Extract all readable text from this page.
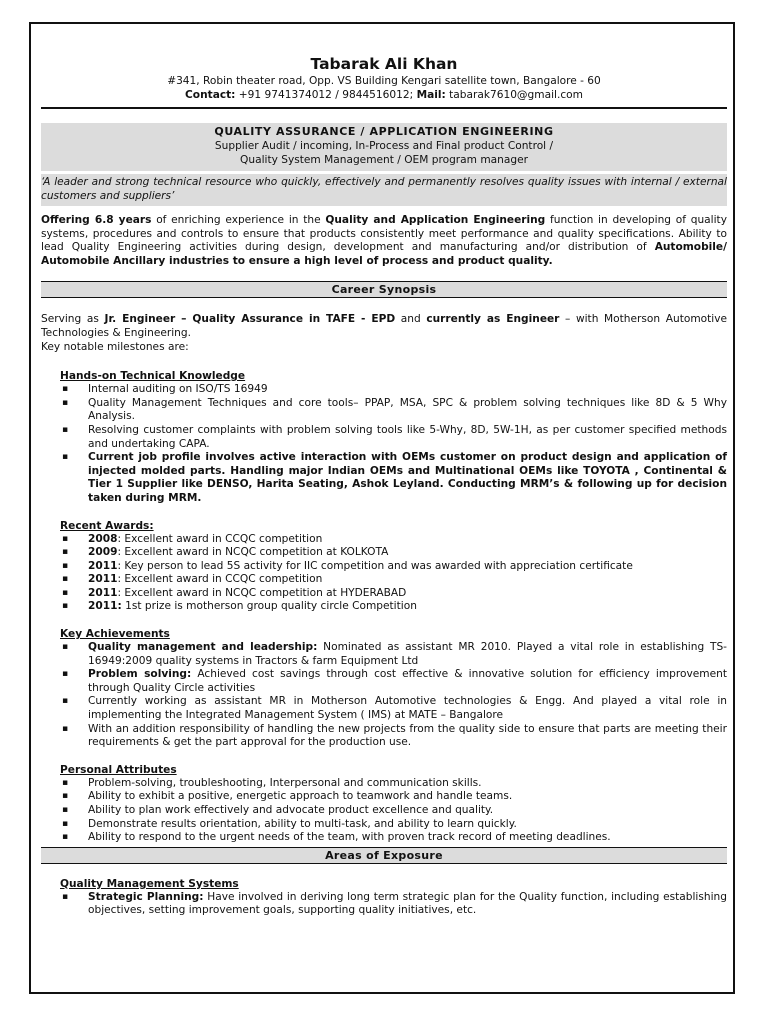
Tabarak Ali Khan
#341, Robin theater road, Opp. VS Building Kengari satellite town, Bangalore - 60
Contact: +91 9741374012 / 9844516012; Mail: tabarak7610@gmail.com
QUALITY ASSURANCE / APPLICATION ENGINEERING
Supplier Audit / incoming, In-Process and Final product Control /
Quality System Management / OEM program manager
‘A leader and strong technical resource who quickly, effectively and permanently resolves quality issues with internal / external customers and suppliers’
Offering 6.8 years of enriching experience in the Quality and Application Engineering function in developing of quality systems, procedures and controls to ensure that products consistently meet performance and quality specifications. Ability to lead Quality Engineering activities during design, development and manufacturing and/or distribution of Automobile/ Automobile Ancillary industries to ensure a high level of process and product quality.
Career Synopsis
Serving as Jr. Engineer – Quality Assurance in TAFE - EPD and currently as Engineer – with Motherson Automotive Technologies & Engineering.
Key notable milestones are:
Hands-on Technical Knowledge
▪ Internal auditing on ISO/TS 16949
▪ Quality Management Techniques and core tools– PPAP, MSA, SPC & problem solving techniques like 8D & 5 Why Analysis.
▪ Resolving customer complaints with problem solving tools like 5-Why, 8D, 5W-1H, as per customer specified methods and undertaking CAPA.
▪ Current job profile involves active interaction with OEMs customer on product design and application of injected molded parts. Handling major Indian OEMs and Multinational OEMs like TOYOTA , Continental & Tier 1 Supplier like DENSO, Harita Seating, Ashok Leyland. Conducting MRM’s & following up for decision taken during MRM.
Recent Awards:
▪ 2008: Excellent award in CCQC competition
▪ 2009: Excellent award in NCQC competition at KOLKOTA
▪ 2011: Key person to lead 5S activity for IIC competition and was awarded with appreciation certificate
▪ 2011: Excellent award in CCQC competition
▪ 2011: Excellent award in NCQC competition at HYDERABAD
▪ 2011: 1st prize is motherson group quality circle Competition
Key Achievements
▪ Quality management and leadership: Nominated as assistant MR 2010. Played a vital role in establishing TS-16949:2009 quality systems in Tractors & farm Equipment Ltd
▪ Problem solving: Achieved cost savings through cost effective & innovative solution for efficiency improvement through Quality Circle activities
▪ Currently working as assistant MR in Motherson Automotive technologies & Engg. And played a vital role in implementing the Integrated Management System ( IMS) at MATE – Bangalore
▪ With an addition responsibility of handling the new projects from the quality side to ensure that parts are meeting their requirements & get the part approval for the production use.
Personal Attributes
▪ Problem-solving, troubleshooting, Interpersonal and communication skills.
▪ Ability to exhibit a positive, energetic approach to teamwork and handle teams.
▪ Ability to plan work effectively and advocate product excellence and quality.
▪ Demonstrate results orientation, ability to multi-task, and ability to learn quickly.
▪ Ability to respond to the urgent needs of the team, with proven track record of meeting deadlines.
Areas of Exposure
Quality Management Systems
▪ Strategic Planning: Have involved in deriving long term strategic plan for the Quality function, including establishing objectives, setting improvement goals, supporting quality initiatives, etc.
